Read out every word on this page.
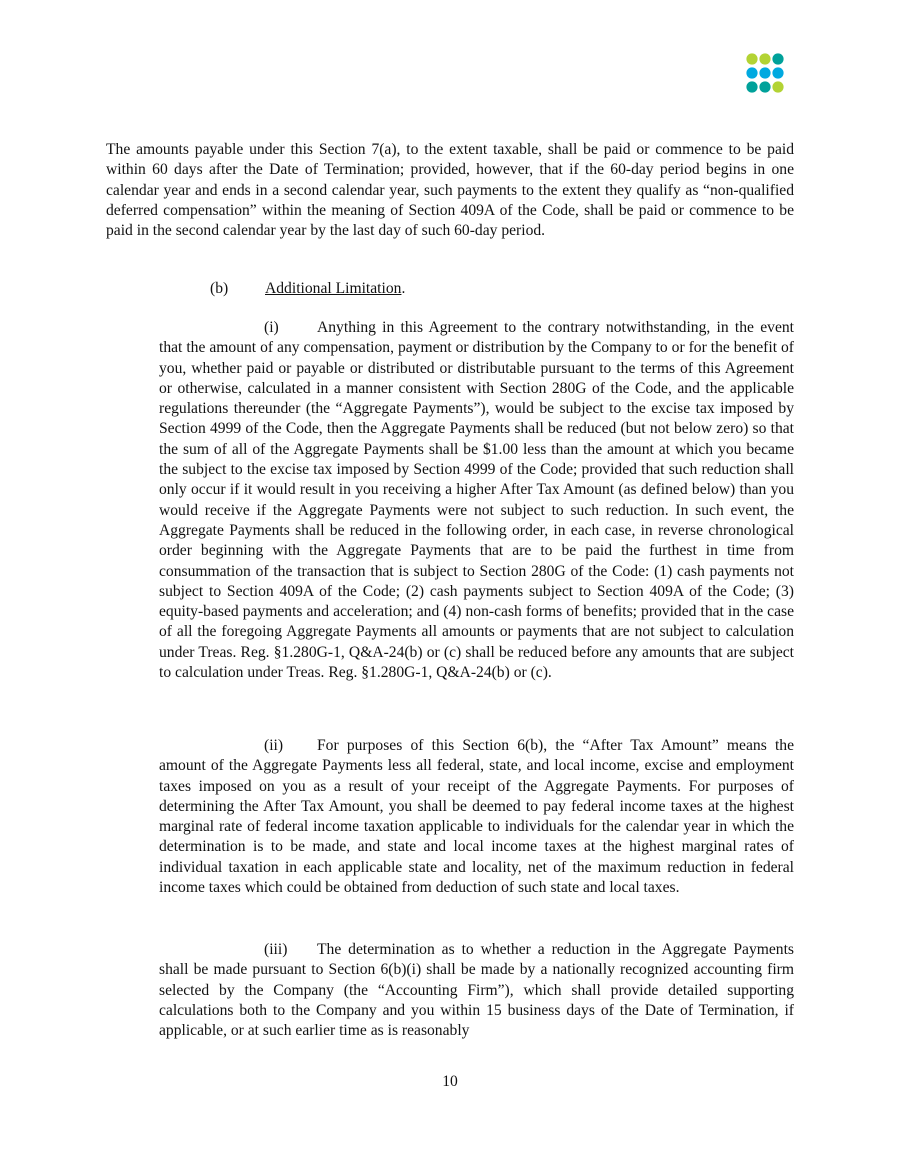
The amounts payable under this Section 7(a), to the extent taxable, shall be paid or commence to be paid within 60 days after the Date of Termination; provided, however, that if the 60-day period begins in one calendar year and ends in a second calendar year, such payments to the extent they qualify as “non-qualified deferred compensation” within the meaning of Section 409A of the Code, shall be paid or commence to be paid in the second calendar year by the last day of such 60-day period.

(b) Additional Limitation.

(i) Anything in this Agreement to the contrary notwithstanding, in the event that the amount of any compensation, payment or distribution by the Company to or for the benefit of you, whether paid or payable or distributed or distributable pursuant to the terms of this Agreement or otherwise, calculated in a manner consistent with Section 280G of the Code, and the applicable regulations thereunder (the “Aggregate Payments”), would be subject to the excise tax imposed by Section 4999 of the Code, then the Aggregate Payments shall be reduced (but not below zero) so that the sum of all of the Aggregate Payments shall be $1.00 less than the amount at which you became the subject to the excise tax imposed by Section 4999 of the Code; provided that such reduction shall only occur if it would result in you receiving a higher After Tax Amount (as defined below) than you would receive if the Aggregate Payments were not subject to such reduction. In such event, the Aggregate Payments shall be reduced in the following order, in each case, in reverse chronological order beginning with the Aggregate Payments that are to be paid the furthest in time from consummation of the transaction that is subject to Section 280G of the Code: (1) cash payments not subject to Section 409A of the Code; (2) cash payments subject to Section 409A of the Code; (3) equity-based payments and acceleration; and (4) non-cash forms of benefits; provided that in the case of all the foregoing Aggregate Payments all amounts or payments that are not subject to calculation under Treas. Reg. §1.280G-1, Q&A-24(b) or (c) shall be reduced before any amounts that are subject to calculation under Treas. Reg. §1.280G-1, Q&A-24(b) or (c).

(ii) For purposes of this Section 6(b), the “After Tax Amount” means the amount of the Aggregate Payments less all federal, state, and local income, excise and employment taxes imposed on you as a result of your receipt of the Aggregate Payments. For purposes of determining the After Tax Amount, you shall be deemed to pay federal income taxes at the highest marginal rate of federal income taxation applicable to individuals for the calendar year in which the determination is to be made, and state and local income taxes at the highest marginal rates of individual taxation in each applicable state and locality, net of the maximum reduction in federal income taxes which could be obtained from deduction of such state and local taxes.

(iii) The determination as to whether a reduction in the Aggregate Payments shall be made pursuant to Section 6(b)(i) shall be made by a nationally recognized accounting firm selected by the Company (the “Accounting Firm”), which shall provide detailed supporting calculations both to the Company and you within 15 business days of the Date of Termination, if applicable, or at such earlier time as is reasonably

10
